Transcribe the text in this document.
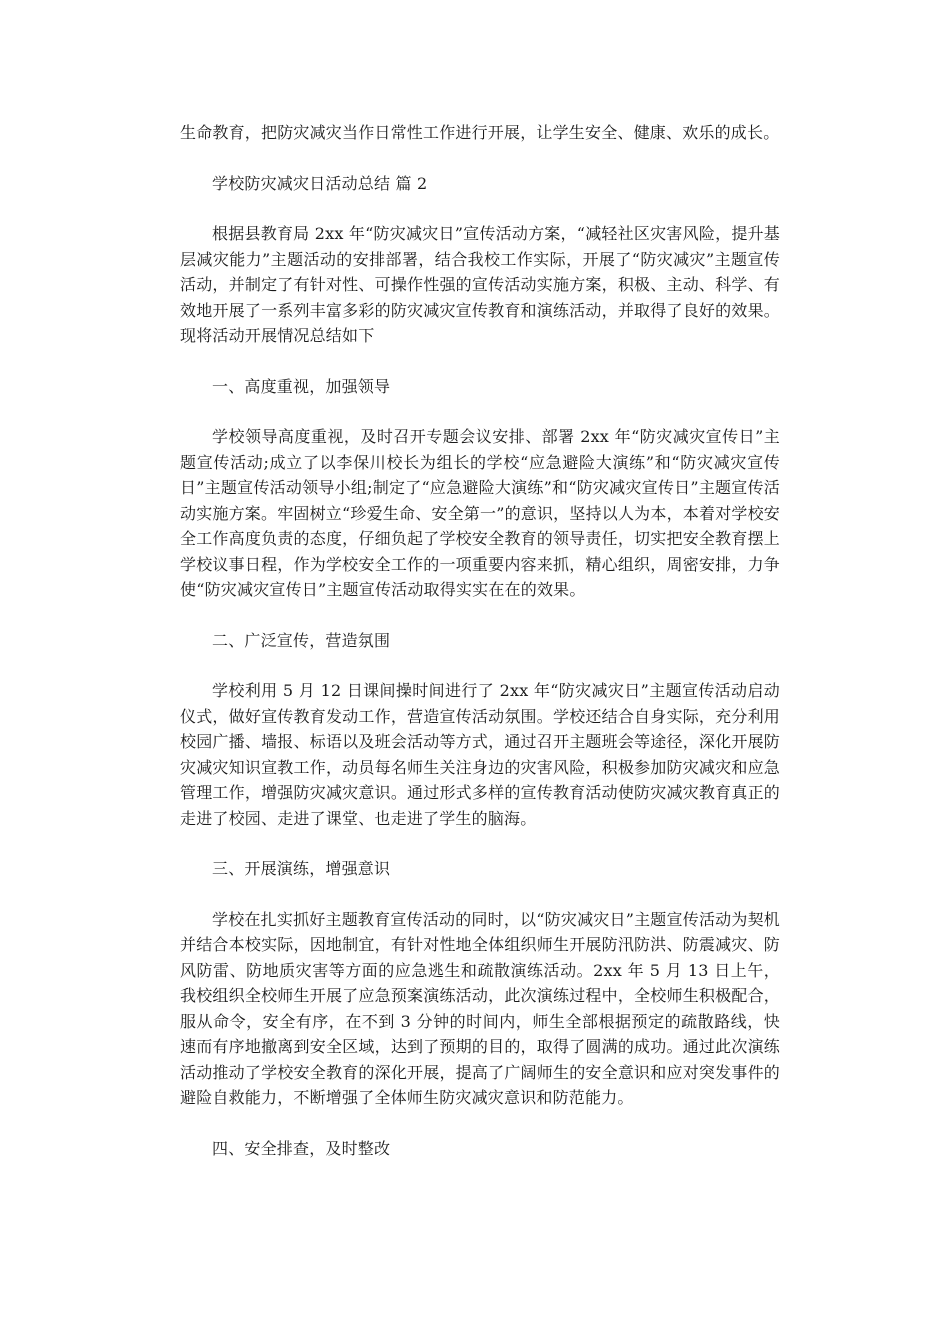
生命教育，把防灾减灾当作日常性工作进行开展，让学生安全、健康、欢乐的成长。

学校防灾减灾日活动总结 篇 2

根据县教育局 2xx 年“防灾减灾日”宣传活动方案，“减轻社区灾害风险，提升基层减灾能力”主题活动的安排部署，结合我校工作实际，开展了“防灾减灾”主题宣传活动，并制定了有针对性、可操作性强的宣传活动实施方案，积极、主动、科学、有效地开展了一系列丰富多彩的防灾减灾宣传教育和演练活动，并取得了良好的效果。现将活动开展情况总结如下

一、高度重视，加强领导

学校领导高度重视，及时召开专题会议安排、部署 2xx 年“防灾减灾宣传日”主题宣传活动;成立了以李保川校长为组长的学校“应急避险大演练”和“防灾减灾宣传日”主题宣传活动领导小组;制定了“应急避险大演练”和“防灾减灾宣传日”主题宣传活动实施方案。牢固树立“珍爱生命、安全第一”的意识，坚持以人为本，本着对学校安全工作高度负责的态度，仔细负起了学校安全教育的领导责任，切实把安全教育摆上学校议事日程，作为学校安全工作的一项重要内容来抓，精心组织，周密安排，力争使“防灾减灾宣传日”主题宣传活动取得实实在在的效果。

二、广泛宣传，营造氛围

学校利用 5 月 12 日课间操时间进行了 2xx 年“防灾减灾日”主题宣传活动启动仪式，做好宣传教育发动工作，营造宣传活动氛围。学校还结合自身实际，充分利用校园广播、墙报、标语以及班会活动等方式，通过召开主题班会等途径，深化开展防灾减灾知识宣教工作，动员每名师生关注身边的灾害风险，积极参加防灾减灾和应急管理工作，增强防灾减灾意识。通过形式多样的宣传教育活动使防灾减灾教育真正的走进了校园、走进了课堂、也走进了学生的脑海。

三、开展演练，增强意识

学校在扎实抓好主题教育宣传活动的同时，以“防灾减灾日”主题宣传活动为契机并结合本校实际，因地制宜，有针对性地全体组织师生开展防汛防洪、防震减灾、防风防雷、防地质灾害等方面的应急逃生和疏散演练活动。2xx 年 5 月 13 日上午，我校组织全校师生开展了应急预案演练活动，此次演练过程中，全校师生积极配合，服从命令，安全有序，在不到 3 分钟的时间内，师生全部根据预定的疏散路线，快速而有序地撤离到安全区域，达到了预期的目的，取得了圆满的成功。通过此次演练活动推动了学校安全教育的深化开展，提高了广阔师生的安全意识和应对突发事件的避险自救能力，不断增强了全体师生防灾减灾意识和防范能力。

四、安全排查，及时整改
